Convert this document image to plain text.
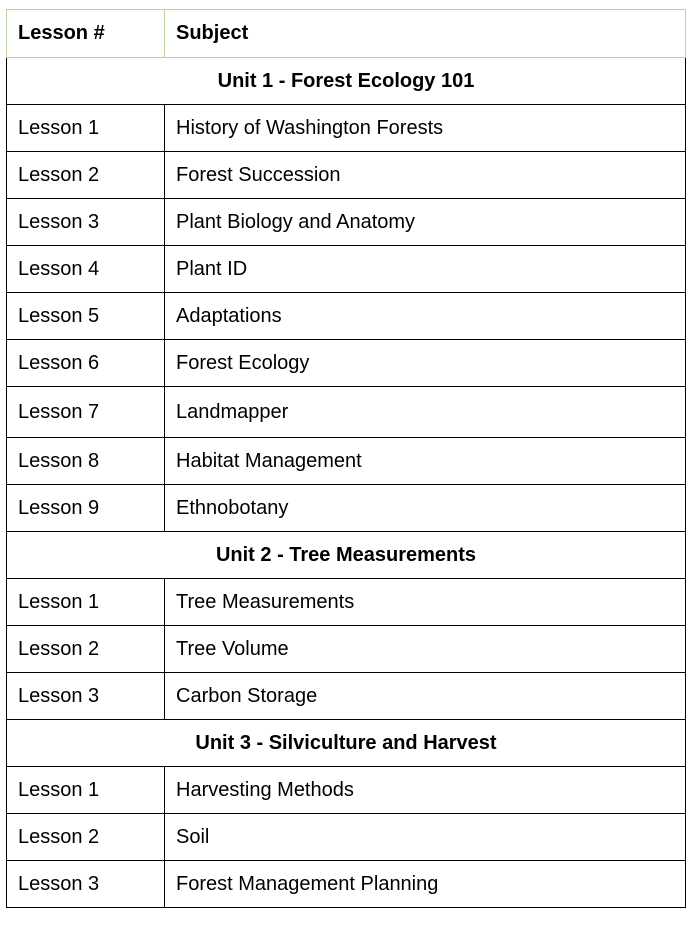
Lesson #	Subject
Unit 1 - Forest Ecology 101	
Lesson 1	History of Washington Forests
Lesson 2	Forest Succession
Lesson 3	Plant Biology and Anatomy
Lesson 4	Plant ID
Lesson 5	Adaptations
Lesson 6	Forest Ecology
Lesson 7	Landmapper
Lesson 8	Habitat Management
Lesson 9	Ethnobotany
Unit 2 - Tree Measurements	
Lesson 1	Tree Measurements
Lesson 2	Tree Volume
Lesson 3	Carbon Storage
Unit 3 - Silviculture and Harvest	
Lesson 1	Harvesting Methods
Lesson 2	Soil
Lesson 3	Forest Management Planning
